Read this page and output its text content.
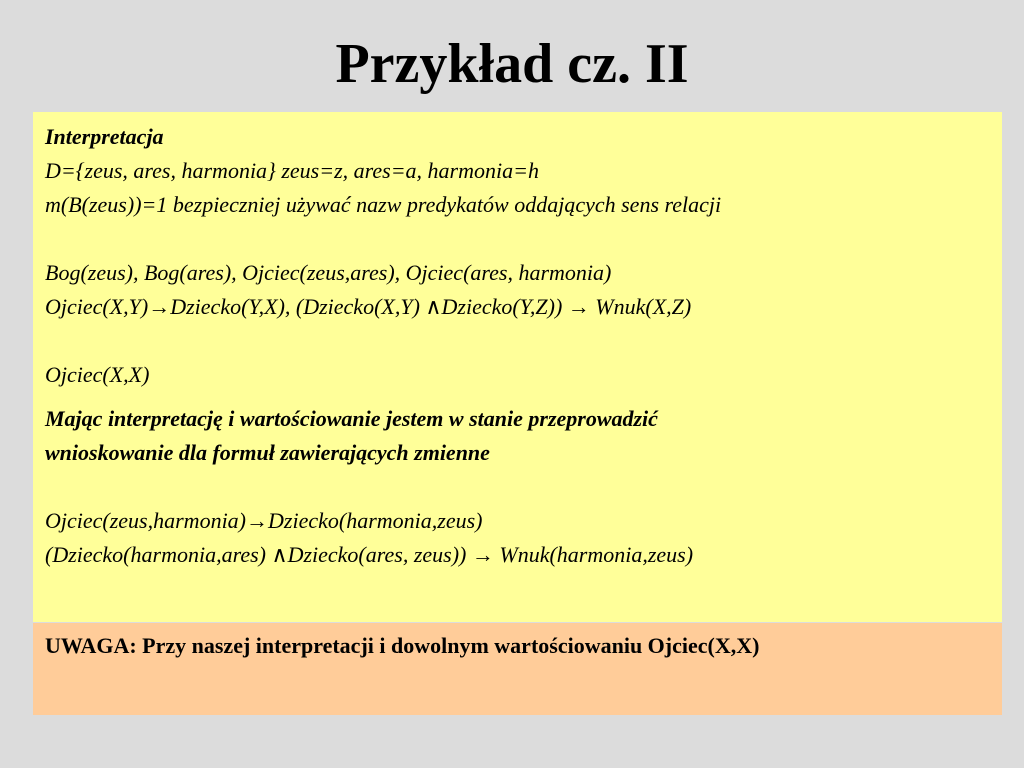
Przykład cz. II
Interpretacja
D={zeus, ares, harmonia} zeus=z, ares=a, harmonia=h
m(B(zeus))=1 bezpieczniej używać nazw predykatów oddających sens relacji
Bog(zeus), Bog(ares), Ojciec(zeus,ares), Ojciec(ares, harmonia)
Ojciec(X,Y)→Dziecko(Y,X), (Dziecko(X,Y) ∧Dziecko(Y,Z)) → Wnuk(X,Z)
Ojciec(X,X)
Mając interpretację i wartościowanie jestem w stanie przeprowadzić
wnioskowanie dla formuł zawierających zmienne
Ojciec(zeus,harmonia)→Dziecko(harmonia,zeus)
(Dziecko(harmonia,ares) ∧Dziecko(ares, zeus)) → Wnuk(harmonia,zeus)
UWAGA: Przy naszej interpretacji i dowolnym wartościowaniu Ojciec(X,X)
